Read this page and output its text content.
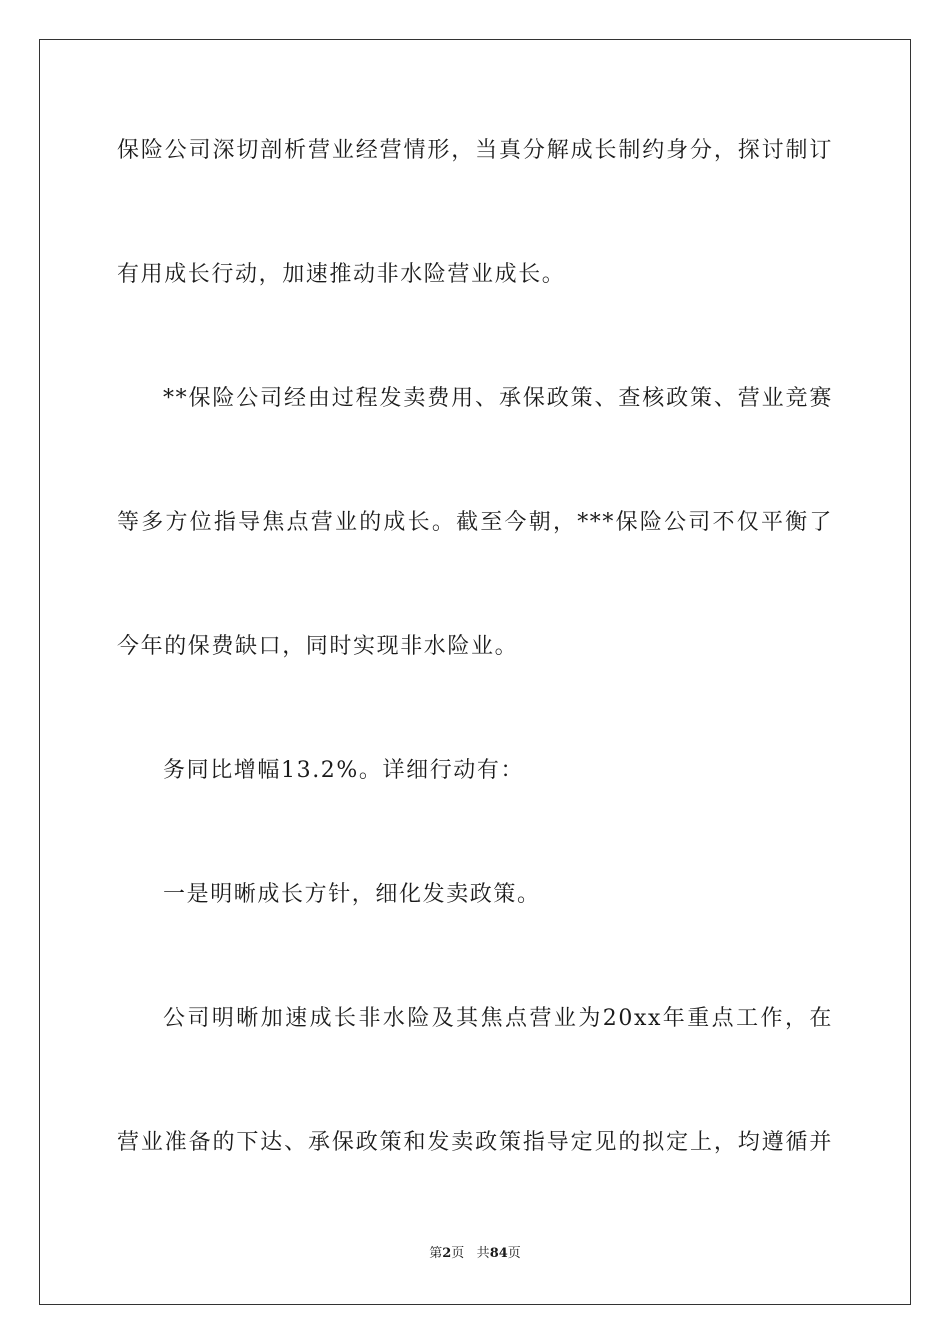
保险公司深切剖析营业经营情形，当真分解成长制约身分，探讨制订
有用成长行动，加速推动非水险营业成长。
**保险公司经由过程发卖费用、承保政策、查核政策、营业竞赛
等多方位指导焦点营业的成长。截至今朝，***保险公司不仅平衡了
今年的保费缺口，同时实现非水险业。
务同比增幅13.2%。详细行动有：
一是明晰成长方针，细化发卖政策。
公司明晰加速成长非水险及其焦点营业为20xx年重点工作，在
营业准备的下达、承保政策和发卖政策指导定见的拟定上，均遵循并
第2页 共84页
